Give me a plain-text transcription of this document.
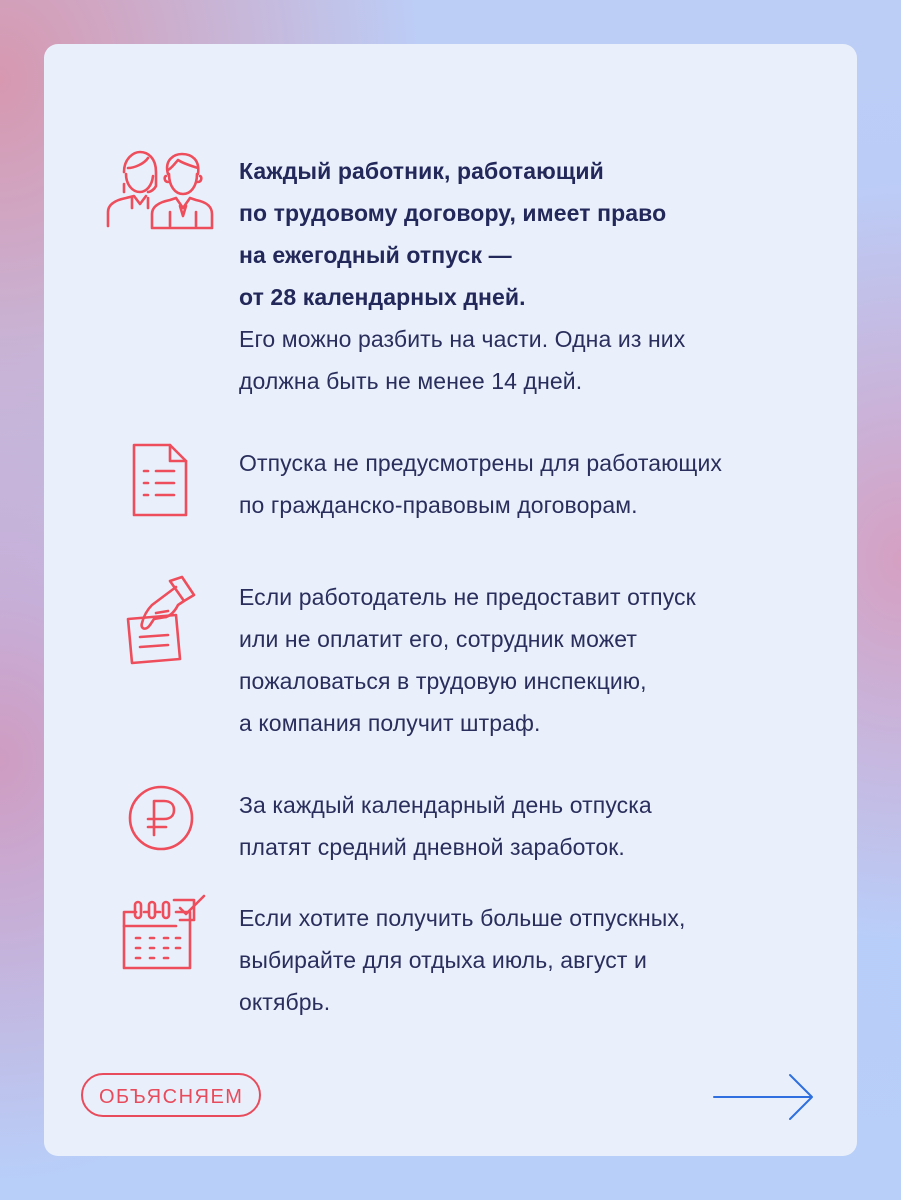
Каждый работник, работающий
по трудовому договору, имеет право
на ежегодный отпуск —
от 28 календарных дней.
Его можно разбить на части. Одна из них
должна быть не менее 14 дней.
Отпуска не предусмотрены для работающих
по гражданско-правовым договорам.
Если работодатель не предоставит отпуск
или не оплатит его, сотрудник может
пожаловаться в трудовую инспекцию,
а компания получит штраф.
За каждый календарный день отпуска
платят средний дневной заработок.
Если хотите получить больше отпускных,
выбирайте для отдыха июль, август и
октябрь.
ОБЪЯСНЯЕМ
